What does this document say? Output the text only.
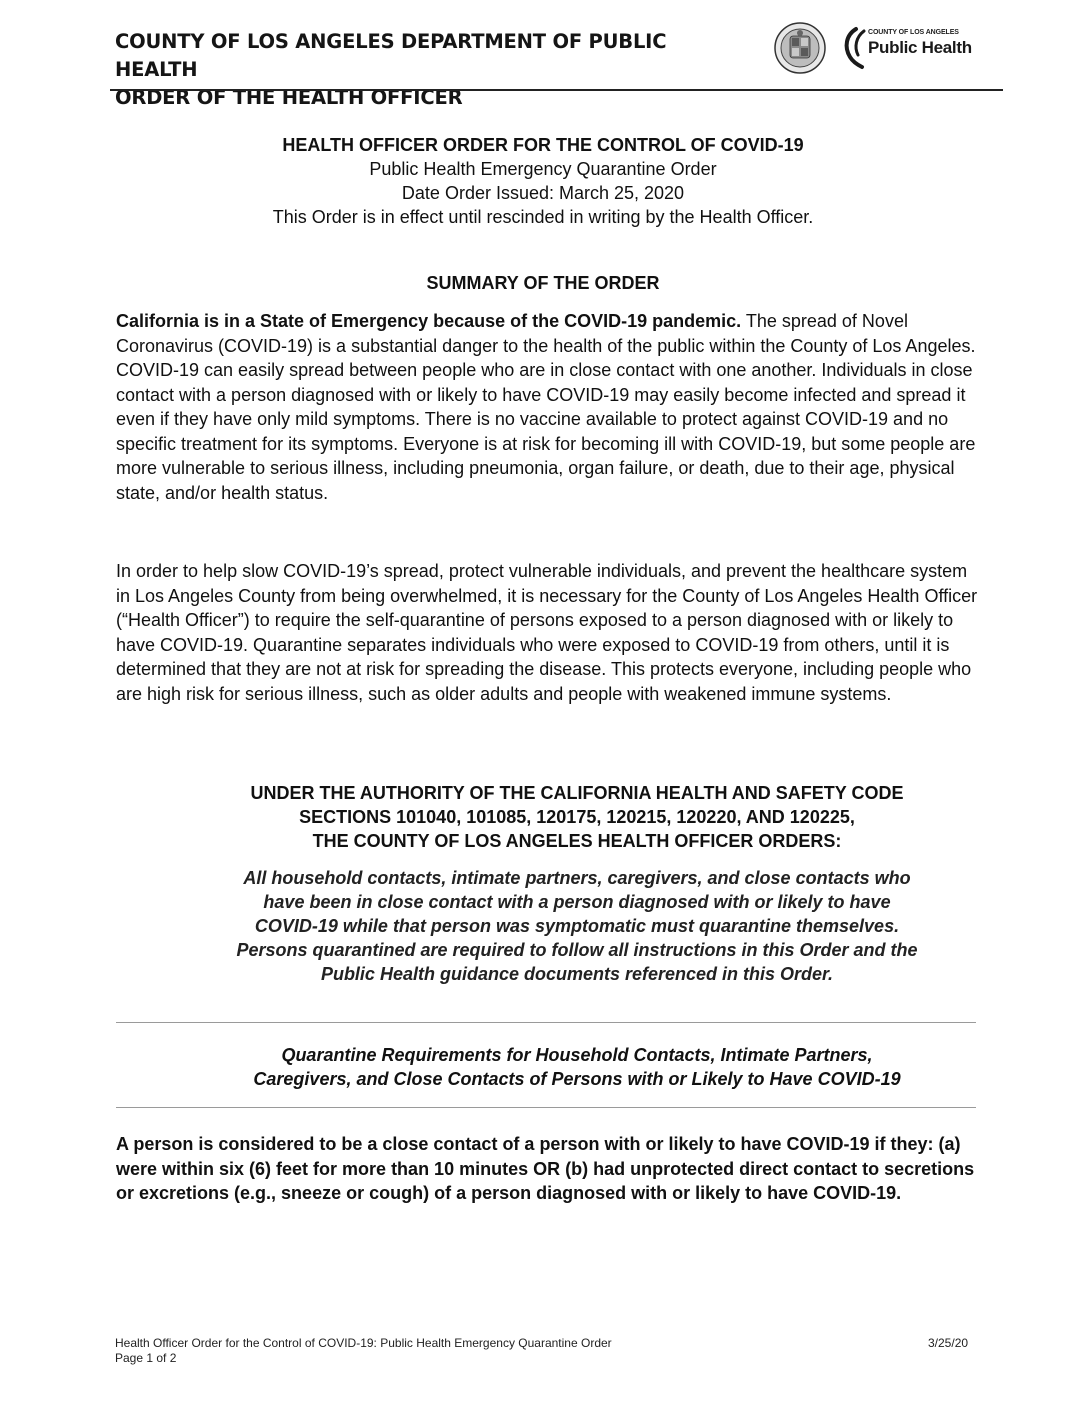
COUNTY OF LOS ANGELES DEPARTMENT OF PUBLIC HEALTH
ORDER OF THE HEALTH OFFICER
COUNTY OF LOS ANGELES
Public Health
HEALTH OFFICER ORDER FOR THE CONTROL OF COVID-19
Public Health Emergency Quarantine Order
Date Order Issued: March 25, 2020
This Order is in effect until rescinded in writing by the Health Officer.
SUMMARY OF THE ORDER

California is in a State of Emergency because of the COVID-19 pandemic. The spread of Novel Coronavirus (COVID-19) is a substantial danger to the health of the public within the County of Los Angeles. COVID-19 can easily spread between people who are in close contact with one another. Individuals in close contact with a person diagnosed with or likely to have COVID-19 may easily become infected and spread it even if they have only mild symptoms. There is no vaccine available to protect against COVID-19 and no specific treatment for its symptoms. Everyone is at risk for becoming ill with COVID-19, but some people are more vulnerable to serious illness, including pneumonia, organ failure, or death, due to their age, physical state, and/or health status.

In order to help slow COVID-19’s spread, protect vulnerable individuals, and prevent the healthcare system in Los Angeles County from being overwhelmed, it is necessary for the County of Los Angeles Health Officer (“Health Officer”) to require the self-quarantine of persons exposed to a person diagnosed with or likely to have COVID-19. Quarantine separates individuals who were exposed to COVID-19 from others, until it is determined that they are not at risk for spreading the disease. This protects everyone, including people who are high risk for serious illness, such as older adults and people with weakened immune systems.

UNDER THE AUTHORITY OF THE CALIFORNIA HEALTH AND SAFETY CODE
SECTIONS 101040, 101085, 120175, 120215, 120220, AND 120225,
THE COUNTY OF LOS ANGELES HEALTH OFFICER ORDERS:
All household contacts, intimate partners, caregivers, and close contacts who
have been in close contact with a person diagnosed with or likely to have
COVID-19 while that person was symptomatic must quarantine themselves.
Persons quarantined are required to follow all instructions in this Order and the
Public Health guidance documents referenced in this Order.
Quarantine Requirements for Household Contacts, Intimate Partners,
Caregivers, and Close Contacts of Persons with or Likely to Have COVID-19

A person is considered to be a close contact of a person with or likely to have COVID-19 if they: (a) were within six (6) feet for more than 10 minutes OR (b) had unprotected direct contact to secretions or excretions (e.g., sneeze or cough) of a person diagnosed with or likely to have COVID-19.

Health Officer Order for the Control of COVID-19: Public Health Emergency Quarantine Order
Page 1 of 2
3/25/20
